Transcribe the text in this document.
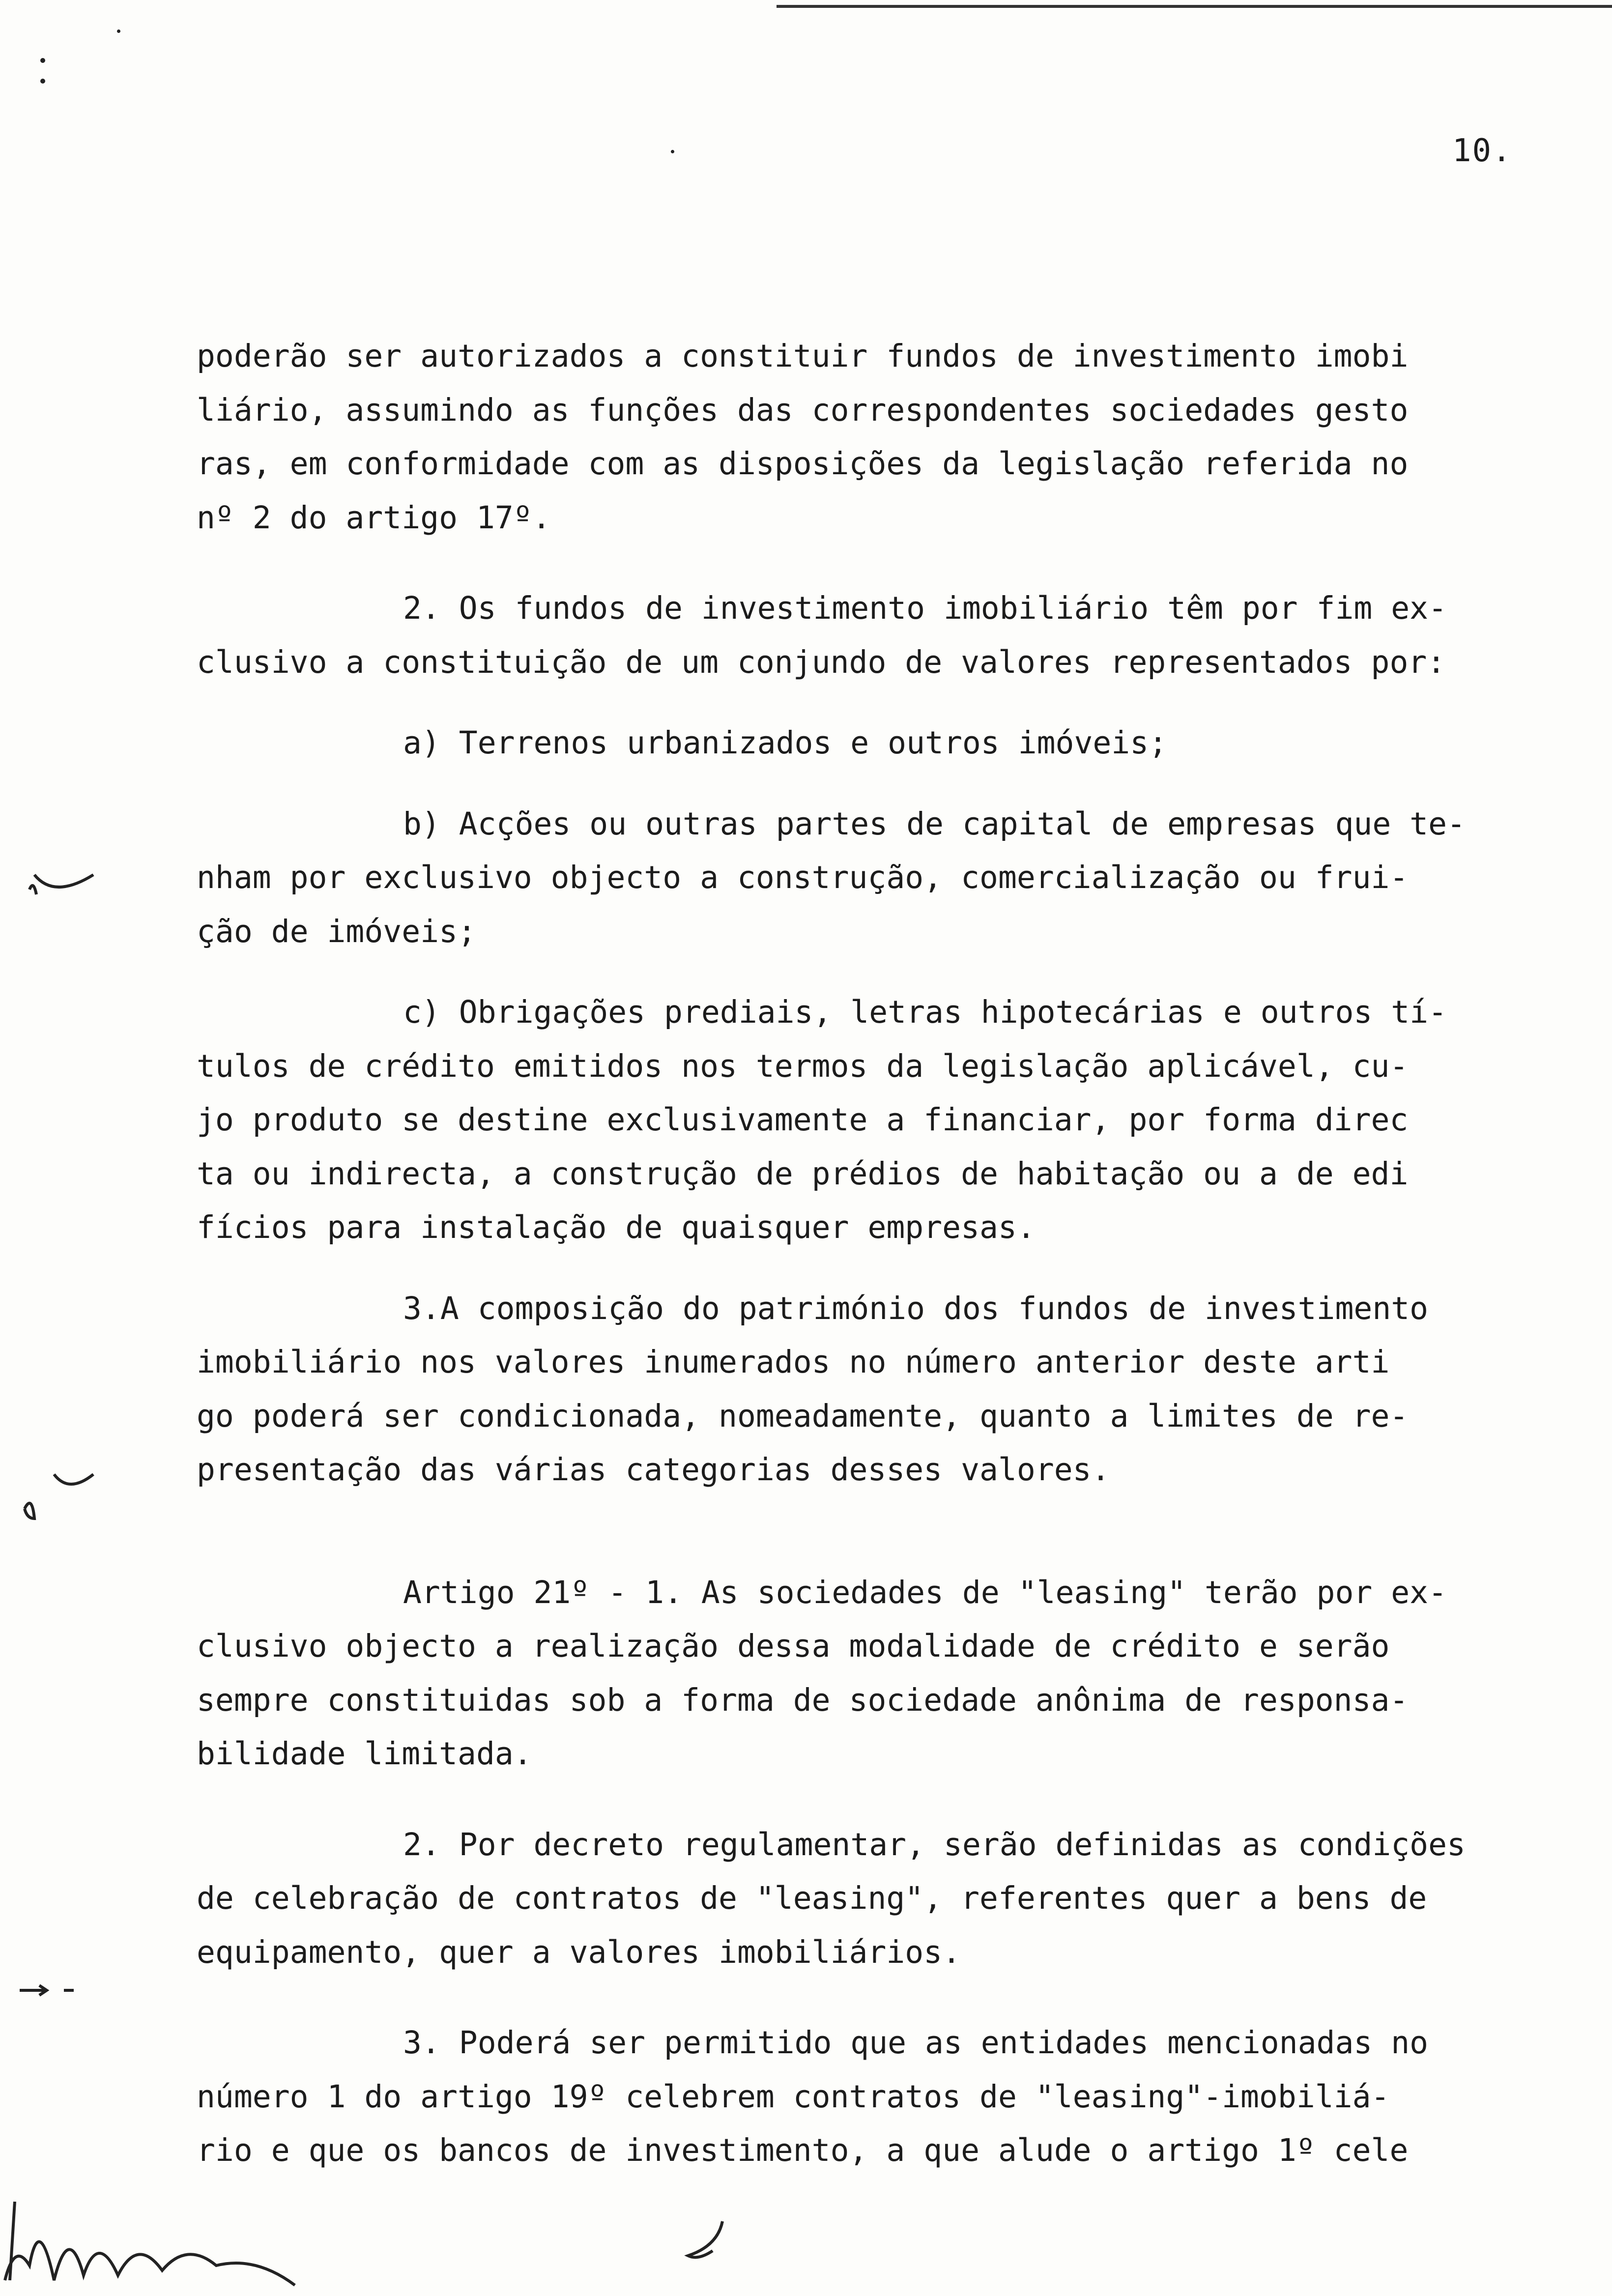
10.
poderão ser autorizados a constituir fundos de investimento imobi
liário, assumindo as funções das correspondentes sociedades gesto
ras, em conformidade com as disposições da legislação referida no
nº 2 do artigo 17º.
2. Os fundos de investimento imobiliário têm por fim ex-
clusivo a constituição de um conjundo de valores representados por:
a) Terrenos urbanizados e outros imóveis;
b) Acções ou outras partes de capital de empresas que te-
nham por exclusivo objecto a construção, comercialização ou frui-
ção de imóveis;
c) Obrigações prediais, letras hipotecárias e outros tí-
tulos de crédito emitidos nos termos da legislação aplicável, cu-
jo produto se destine exclusivamente a financiar, por forma direc
ta ou indirecta, a construção de prédios de habitação ou a de edi
fícios para instalação de quaisquer empresas.
3.A composição do património dos fundos de investimento
imobiliário nos valores inumerados no número anterior deste arti
go poderá ser condicionada, nomeadamente, quanto a limites de re-
presentação das várias categorias desses valores.
Artigo 21º - 1. As sociedades de "leasing" terão por ex-
clusivo objecto a realização dessa modalidade de crédito e serão
sempre constituidas sob a forma de sociedade anônima de responsa-
bilidade limitada.
2. Por decreto regulamentar, serão definidas as condições
de celebração de contratos de "leasing", referentes quer a bens de
equipamento, quer a valores imobiliários.
3. Poderá ser permitido que as entidades mencionadas no
número 1 do artigo 19º celebrem contratos de "leasing"-imobiliá-
rio e que os bancos de investimento, a que alude o artigo 1º cele
